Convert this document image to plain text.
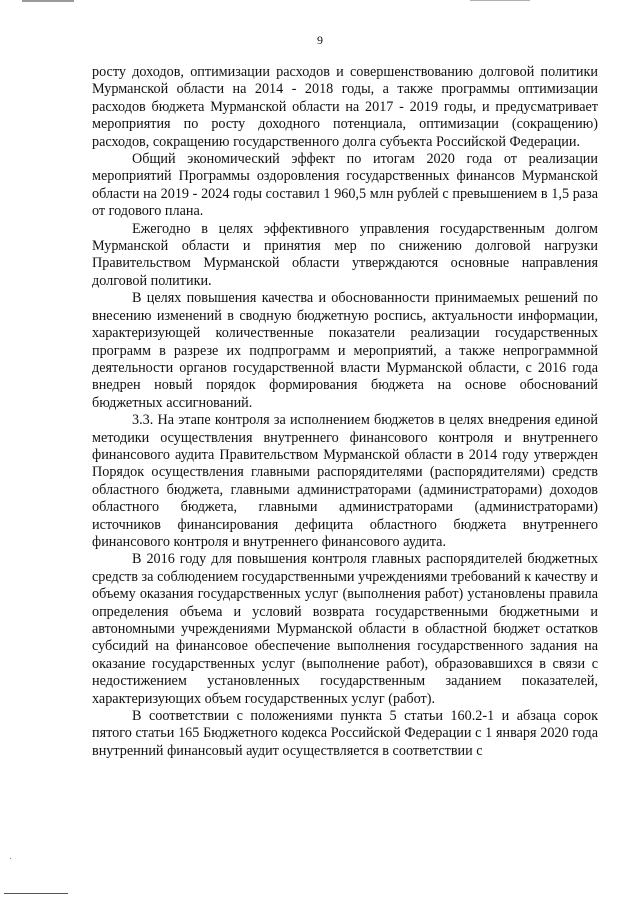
9

росту доходов, оптимизации расходов и совершенствованию долговой политики Мурманской области на 2014 - 2018 годы, а также программы оптимизации расходов бюджета Мурманской области на 2017 - 2019 годы, и предусматривает мероприятия по росту доходного потенциала, оптимизации (сокращению) расходов, сокращению государственного долга субъекта Российской Федерации.

Общий экономический эффект по итогам 2020 года от реализации мероприятий Программы оздоровления государственных финансов Мурманской области на 2019 - 2024 годы составил 1 960,5 млн рублей с превышением в 1,5 раза от годового плана.

Ежегодно в целях эффективного управления государственным долгом Мурманской области и принятия мер по снижению долговой нагрузки Правительством Мурманской области утверждаются основные направления долговой политики.

В целях повышения качества и обоснованности принимаемых решений по внесению изменений в сводную бюджетную роспись, актуальности информации, характеризующей количественные показатели реализации государственных программ в разрезе их подпрограмм и мероприятий, а также непрограммной деятельности органов государственной власти Мурманской области, с 2016 года внедрен новый порядок формирования бюджета на основе обоснований бюджетных ассигнований.

3.3. На этапе контроля за исполнением бюджетов в целях внедрения единой методики осуществления внутреннего финансового контроля и внутреннего финансового аудита Правительством Мурманской области в 2014 году утвержден Порядок осуществления главными распорядителями (распорядителями) средств областного бюджета, главными администраторами (администраторами) доходов областного бюджета, главными администраторами (администраторами) источников финансирования дефицита областного бюджета внутреннего финансового контроля и внутреннего финансового аудита.

В 2016 году для повышения контроля главных распорядителей бюджетных средств за соблюдением государственными учреждениями требований к качеству и объему оказания государственных услуг (выполнения работ) установлены правила определения объема и условий возврата государственными бюджетными и автономными учреждениями Мурманской области в областной бюджет остатков субсидий на финансовое обеспечение выполнения государственного задания на оказание государственных услуг (выполнение работ), образовавшихся в связи с недостижением установленных государственным заданием показателей, характеризующих объем государственных услуг (работ).

В соответствии с положениями пункта 5 статьи 160.2-1 и абзаца сорок пятого статьи 165 Бюджетного кодекса Российской Федерации с 1 января 2020 года внутренний финансовый аудит осуществляется в соответствии с
